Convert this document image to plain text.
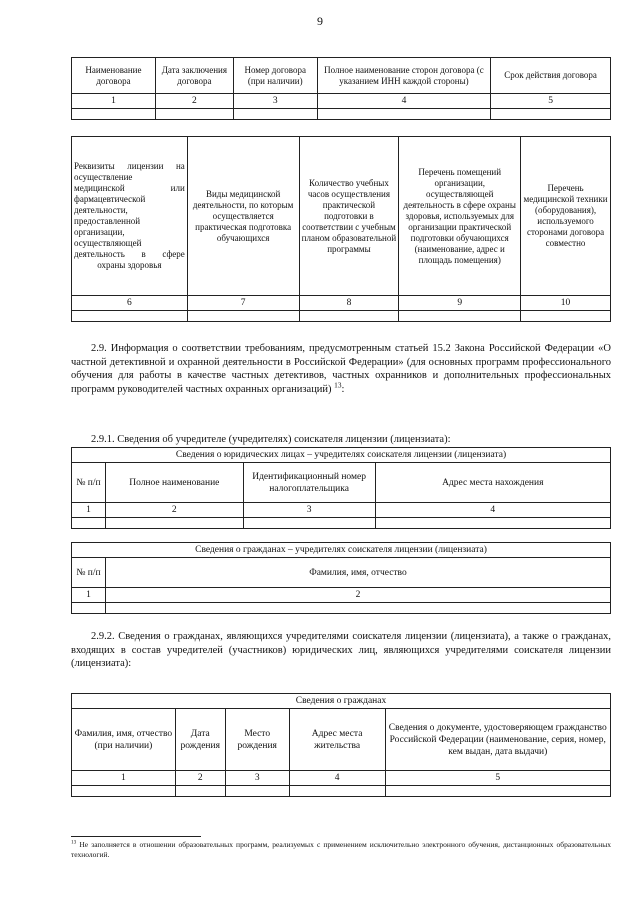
9
Наименование договора	Дата заключения договора	Номер договора (при наличии)	Полное наименование сторон договора (с указанием ИНН каждой стороны)	Срок действия договора
1	2	3	4	5

Реквизиты лицензии на осуществление медицинской или фармацевтической деятельности, предоставленной организации, осуществляющей деятельность в сфере охраны здоровья	Виды медицинской деятельности, по которым осуществляется практическая подготовка обучающихся	Количество учебных часов осуществления практической подготовки в соответствии с учебным планом образовательной программы	Перечень помещений организации, осуществляющей деятельность в сфере охраны здоровья, используемых для организации практической подготовки обучающихся (наименование, адрес и площадь помещения)	Перечень медицинской техники (оборудования), используемого сторонами договора совместно
6	7	8	9	10

2.9. Информация о соответствии требованиям, предусмотренным статьей 15.2 Закона Российской Федерации «О частной детективной и охранной деятельности в Российской Федерации» (для основных программ профессионального обучения для работы в качестве частных детективов, частных охранников и дополнительных профессиональных программ руководителей частных охранных организаций) $^{13}$:

2.9.1. Сведения об учредителе (учредителях) соискателя лицензии (лицензиата):

Сведения о юридических лицах – учредителях соискателя лицензии (лицензиата)			
№ п/п	Полное наименование	Идентификационный номер налогоплательщика	Адрес места нахождения
1	2	3	4

Сведения о гражданах – учредителях соискателя лицензии (лицензиата)	
№ п/п	Фамилия, имя, отчество
1	2

2.9.2. Сведения о гражданах, являющихся учредителями соискателя лицензии (лицензиата), а также о гражданах, входящих в состав учредителей (участников) юридических лиц, являющихся учредителями соискателя лицензии (лицензиата):

Сведения о гражданах				
Фамилия, имя, отчество (при наличии)	Дата рождения	Место рождения	Адрес места жительства	Сведения о документе, удостоверяющем гражданство Российской Федерации (наименование, серия, номер, кем выдан, дата выдачи)
1	2	3	4	5

$^{13}$ Не заполняется в отношении образовательных программ, реализуемых с применением исключительно электронного обучения, дистанционных образовательных технологий.
